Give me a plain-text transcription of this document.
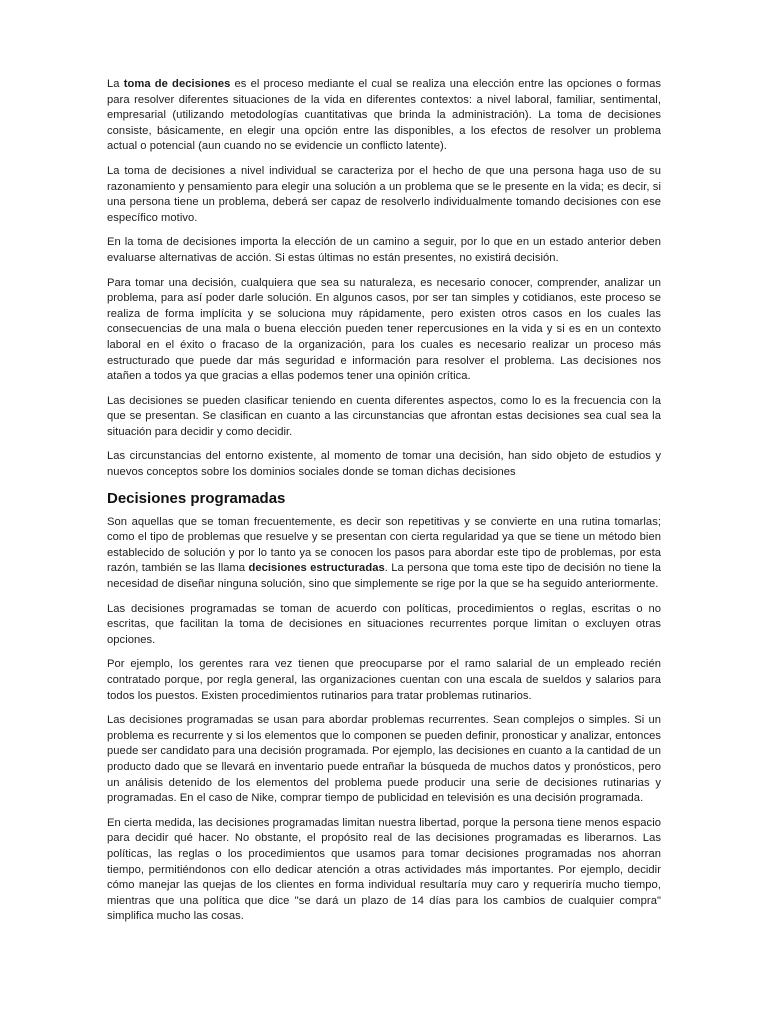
La toma de decisiones es el proceso mediante el cual se realiza una elección entre las opciones o formas para resolver diferentes situaciones de la vida en diferentes contextos: a nivel laboral, familiar, sentimental, empresarial (utilizando metodologías cuantitativas que brinda la administración). La toma de decisiones consiste, básicamente, en elegir una opción entre las disponibles, a los efectos de resolver un problema actual o potencial (aun cuando no se evidencie un conflicto latente).

La toma de decisiones a nivel individual se caracteriza por el hecho de que una persona haga uso de su razonamiento y pensamiento para elegir una solución a un problema que se le presente en la vida; es decir, si una persona tiene un problema, deberá ser capaz de resolverlo individualmente tomando decisiones con ese específico motivo.

En la toma de decisiones importa la elección de un camino a seguir, por lo que en un estado anterior deben evaluarse alternativas de acción. Si estas últimas no están presentes, no existirá decisión.

Para tomar una decisión, cualquiera que sea su naturaleza, es necesario conocer, comprender, analizar un problema, para así poder darle solución. En algunos casos, por ser tan simples y cotidianos, este proceso se realiza de forma implícita y se soluciona muy rápidamente, pero existen otros casos en los cuales las consecuencias de una mala o buena elección pueden tener repercusiones en la vida y si es en un contexto laboral en el éxito o fracaso de la organización, para los cuales es necesario realizar un proceso más estructurado que puede dar más seguridad e información para resolver el problema. Las decisiones nos atañen a todos ya que gracias a ellas podemos tener una opinión crítica.

Las decisiones se pueden clasificar teniendo en cuenta diferentes aspectos, como lo es la frecuencia con la que se presentan. Se clasifican en cuanto a las circunstancias que afrontan estas decisiones sea cual sea la situación para decidir y como decidir.

Las circunstancias del entorno existente, al momento de tomar una decisión, han sido objeto de estudios y nuevos conceptos sobre los dominios sociales donde se toman dichas decisiones

Decisiones programadas

Son aquellas que se toman frecuentemente, es decir son repetitivas y se convierte en una rutina tomarlas; como el tipo de problemas que resuelve y se presentan con cierta regularidad ya que se tiene un método bien establecido de solución y por lo tanto ya se conocen los pasos para abordar este tipo de problemas, por esta razón, también se las llama decisiones estructuradas. La persona que toma este tipo de decisión no tiene la necesidad de diseñar ninguna solución, sino que simplemente se rige por la que se ha seguido anteriormente.

Las decisiones programadas se toman de acuerdo con políticas, procedimientos o reglas, escritas o no escritas, que facilitan la toma de decisiones en situaciones recurrentes porque limitan o excluyen otras opciones.

Por ejemplo, los gerentes rara vez tienen que preocuparse por el ramo salarial de un empleado recién contratado porque, por regla general, las organizaciones cuentan con una escala de sueldos y salarios para todos los puestos. Existen procedimientos rutinarios para tratar problemas rutinarios.

Las decisiones programadas se usan para abordar problemas recurrentes. Sean complejos o simples. Si un problema es recurrente y si los elementos que lo componen se pueden definir, pronosticar y analizar, entonces puede ser candidato para una decisión programada. Por ejemplo, las decisiones en cuanto a la cantidad de un producto dado que se llevará en inventario puede entrañar la búsqueda de muchos datos y pronósticos, pero un análisis detenido de los elementos del problema puede producir una serie de decisiones rutinarias y programadas. En el caso de Nike, comprar tiempo de publicidad en televisión es una decisión programada.

En cierta medida, las decisiones programadas limitan nuestra libertad, porque la persona tiene menos espacio para decidir qué hacer. No obstante, el propósito real de las decisiones programadas es liberarnos. Las políticas, las reglas o los procedimientos que usamos para tomar decisiones programadas nos ahorran tiempo, permitiéndonos con ello dedicar atención a otras actividades más importantes. Por ejemplo, decidir cómo manejar las quejas de los clientes en forma individual resultaría muy caro y requeriría mucho tiempo, mientras que una política que dice "se dará un plazo de 14 días para los cambios de cualquier compra" simplifica mucho las cosas.
